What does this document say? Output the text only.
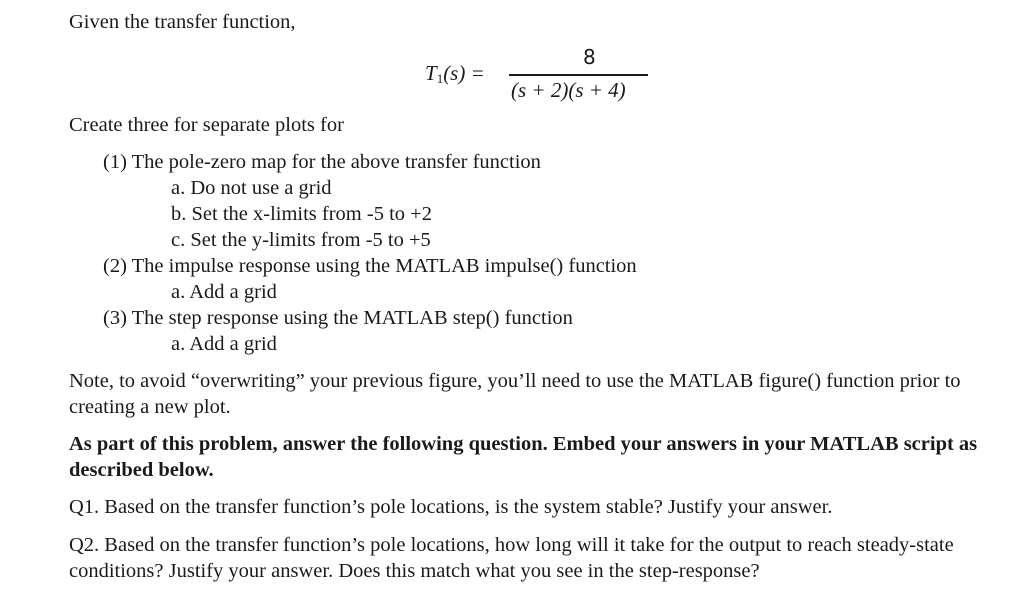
Given the transfer function,
$T_1(s)$ =
8
(s + 2)(s + 4)
Create three for separate plots for
(1) The pole-zero map for the above transfer function
a. Do not use a grid
b. Set the x-limits from -5 to +2
c. Set the y-limits from -5 to +5
(2) The impulse response using the MATLAB impulse() function
a. Add a grid
(3) The step response using the MATLAB step() function
a. Add a grid
Note, to avoid “overwriting” your previous figure, you’ll need to use the MATLAB figure() function prior to creating a new plot.
As part of this problem, answer the following question. Embed your answers in your MATLAB script as described below.
Q1. Based on the transfer function’s pole locations, is the system stable? Justify your answer.
Q2. Based on the transfer function’s pole locations, how long will it take for the output to reach steady-state conditions? Justify your answer. Does this match what you see in the step-response?
